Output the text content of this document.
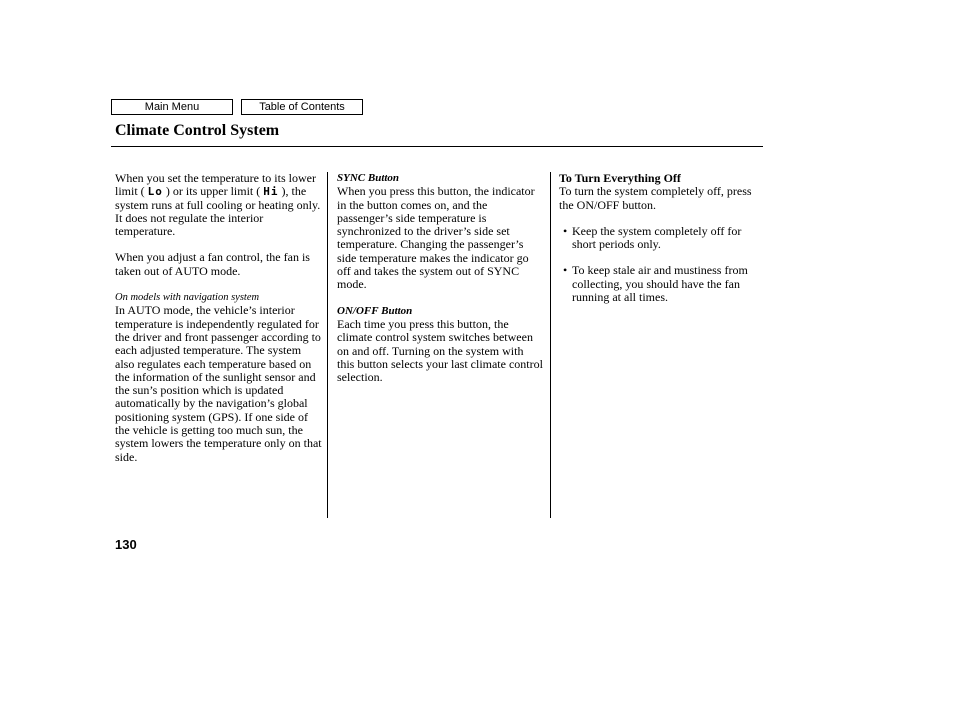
Main Menu	Table of Contents
Climate Control System

When you set the temperature to its lower limit ( Lo ) or its upper limit ( Hi ), the system runs at full cooling or heating only. It does not regulate the interior temperature.

When you adjust a fan control, the fan is taken out of AUTO mode.

On models with navigation system

In AUTO mode, the vehicle’s interior temperature is independently regulated for the driver and front passenger according to each adjusted temperature. The system also regulates each temperature based on the information of the sunlight sensor and the sun’s position which is updated automatically by the navigation’s global positioning system (GPS). If one side of the vehicle is getting too much sun, the system lowers the temperature only on that side.

SYNC Button

When you press this button, the indicator in the button comes on, and the passenger’s side temperature is synchronized to the driver’s side set temperature. Changing the passenger’s side temperature makes the indicator go off and takes the system out of SYNC mode.

ON/OFF Button

Each time you press this button, the climate control system switches between on and off. Turning on the system with this button selects your last climate control selection.

To Turn Everything Off

To turn the system completely off, press the ON/OFF button.

• Keep the system completely off for short periods only.

• To keep stale air and mustiness from collecting, you should have the fan running at all times.

130
